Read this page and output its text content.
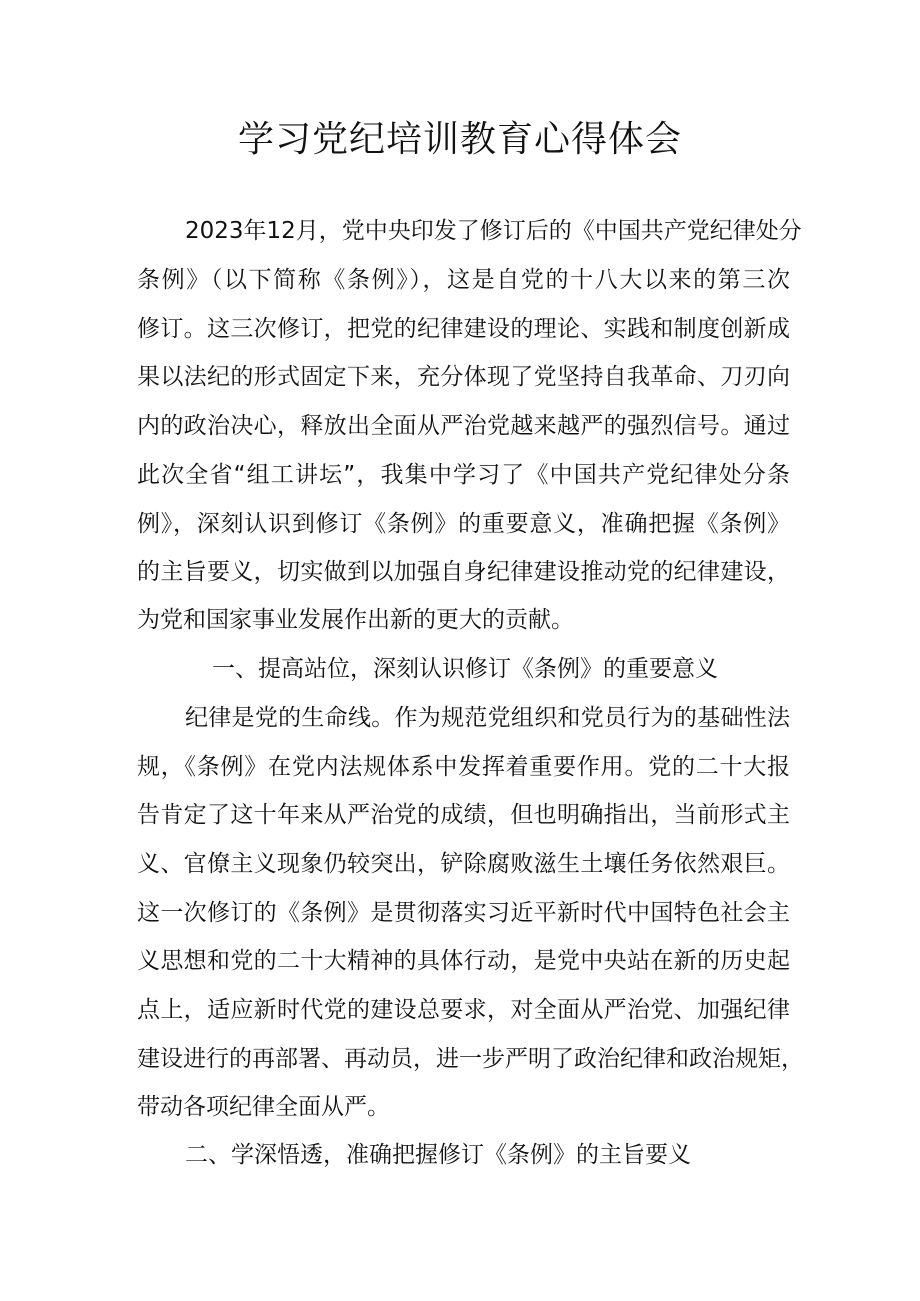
学习党纪培训教育心得体会

2023年12月，党中央印发了修订后的《中国共产党纪律处分

条例》（以下简称《条例》），这是自党的十八大以来的第三次

修订。这三次修订，把党的纪律建设的理论、实践和制度创新成

果以法纪的形式固定下来，充分体现了党坚持自我革命、刀刃向

内的政治决心，释放出全面从严治党越来越严的强烈信号。通过

此次全省“组工讲坛”，我集中学习了《中国共产党纪律处分条

例》，深刻认识到修订《条例》的重要意义，准确把握《条例》

的主旨要义，切实做到以加强自身纪律建设推动党的纪律建设，

为党和国家事业发展作出新的更大的贡献。

一、提高站位，深刻认识修订《条例》的重要意义

纪律是党的生命线。作为规范党组织和党员行为的基础性法

规，《条例》在党内法规体系中发挥着重要作用。党的二十大报

告肯定了这十年来从严治党的成绩，但也明确指出，当前形式主

义、官僚主义现象仍较突出，铲除腐败滋生土壤任务依然艰巨。

这一次修订的《条例》是贯彻落实习近平新时代中国特色社会主

义思想和党的二十大精神的具体行动，是党中央站在新的历史起

点上，适应新时代党的建设总要求，对全面从严治党、加强纪律

建设进行的再部署、再动员，进一步严明了政治纪律和政治规矩，

带动各项纪律全面从严。

二、学深悟透，准确把握修订《条例》的主旨要义
